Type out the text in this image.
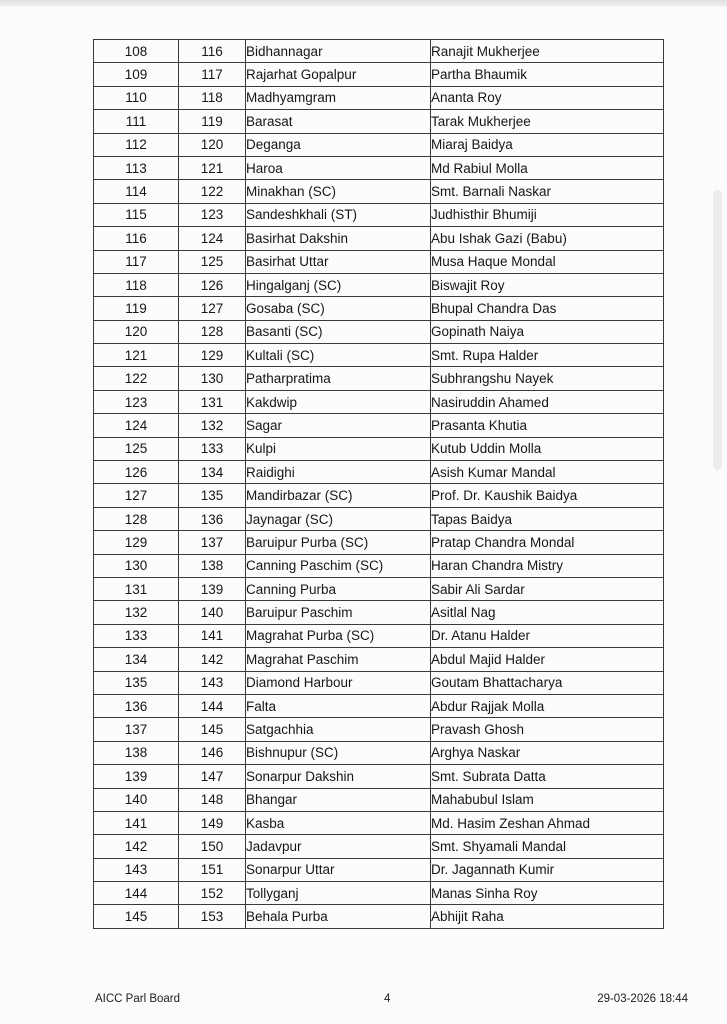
108	116	Bidhannagar	Ranajit Mukherjee
109	117	Rajarhat Gopalpur	Partha Bhaumik
110	118	Madhyamgram	Ananta Roy
111	119	Barasat	Tarak Mukherjee
112	120	Deganga	Miaraj Baidya
113	121	Haroa	Md Rabiul Molla
114	122	Minakhan (SC)	Smt. Barnali Naskar
115	123	Sandeshkhali (ST)	Judhisthir Bhumiji
116	124	Basirhat Dakshin	Abu Ishak Gazi (Babu)
117	125	Basirhat Uttar	Musa Haque Mondal
118	126	Hingalganj (SC)	Biswajit Roy
119	127	Gosaba (SC)	Bhupal Chandra Das
120	128	Basanti (SC)	Gopinath Naiya
121	129	Kultali (SC)	Smt. Rupa Halder
122	130	Patharpratima	Subhrangshu Nayek
123	131	Kakdwip	Nasiruddin Ahamed
124	132	Sagar	Prasanta Khutia
125	133	Kulpi	Kutub Uddin Molla
126	134	Raidighi	Asish Kumar Mandal
127	135	Mandirbazar (SC)	Prof. Dr. Kaushik Baidya
128	136	Jaynagar (SC)	Tapas Baidya
129	137	Baruipur Purba (SC)	Pratap Chandra Mondal
130	138	Canning Paschim (SC)	Haran Chandra Mistry
131	139	Canning Purba	Sabir Ali Sardar
132	140	Baruipur Paschim	Asitlal Nag
133	141	Magrahat Purba (SC)	Dr. Atanu Halder
134	142	Magrahat Paschim	Abdul Majid Halder
135	143	Diamond Harbour	Goutam Bhattacharya
136	144	Falta	Abdur Rajjak Molla
137	145	Satgachhia	Pravash Ghosh
138	146	Bishnupur (SC)	Arghya Naskar
139	147	Sonarpur Dakshin	Smt. Subrata Datta
140	148	Bhangar	Mahabubul Islam
141	149	Kasba	Md. Hasim Zeshan Ahmad
142	150	Jadavpur	Smt. Shyamali Mandal
143	151	Sonarpur Uttar	Dr. Jagannath Kumir
144	152	Tollyganj	Manas Sinha Roy
145	153	Behala Purba	Abhijit Raha
AICC Parl Board	4	29-03-2026 18:44
